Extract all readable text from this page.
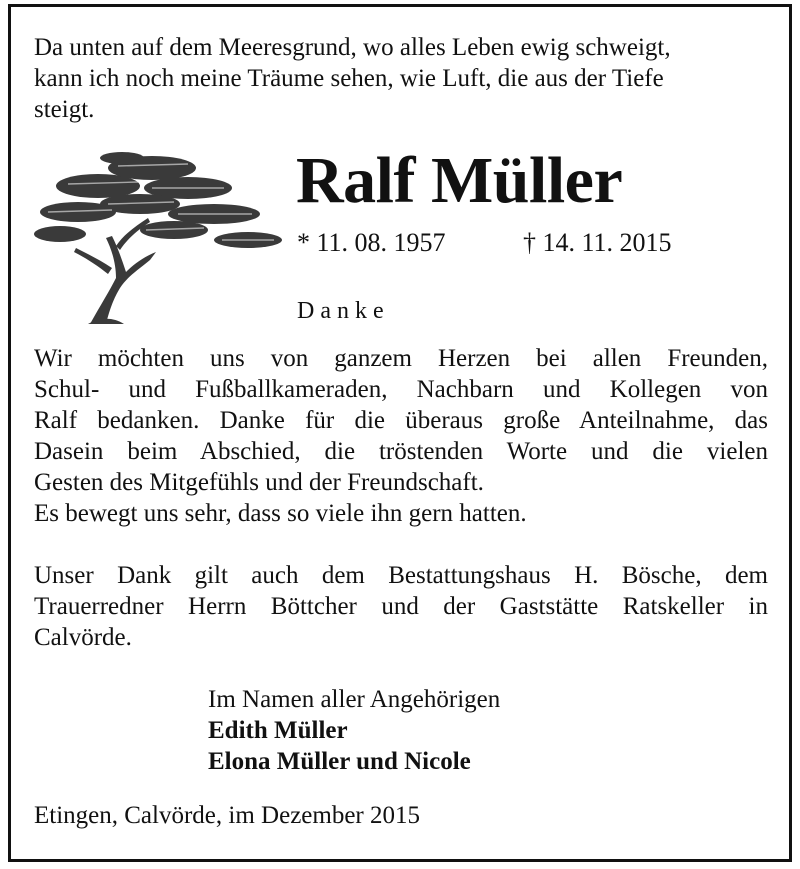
Da unten auf dem Meeresgrund, wo alles Leben ewig schweigt,
kann ich noch meine Träume sehen, wie Luft, die aus der Tiefe
steigt.
Ralf Müller
* 11. 08. 1957	† 14. 11. 2015
Danke
Wir möchten uns von ganzem Herzen bei allen Freunden,
Schul- und Fußballkameraden, Nachbarn und Kollegen von
Ralf bedanken. Danke für die überaus große Anteilnahme, das
Dasein beim Abschied, die tröstenden Worte und die vielen
Gesten des Mitgefühls und der Freundschaft.
Es bewegt uns sehr, dass so viele ihn gern hatten.
Unser Dank gilt auch dem Bestattungshaus H. Bösche, dem
Trauerredner Herrn Böttcher und der Gaststätte Ratskeller in
Calvörde.
Im Namen aller Angehörigen
Edith Müller
Elona Müller und Nicole
Etingen, Calvörde, im Dezember 2015
